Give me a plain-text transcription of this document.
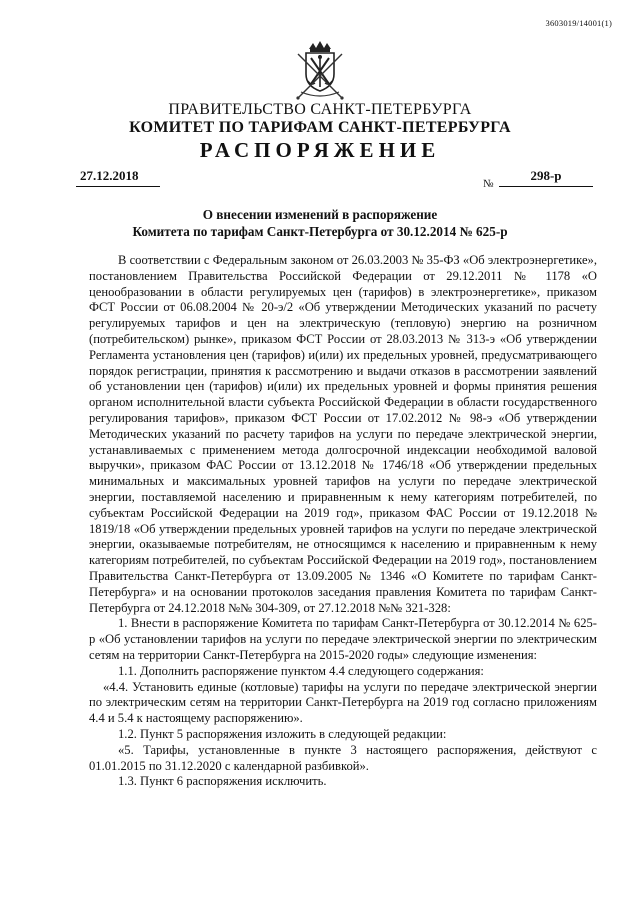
3603019/14001(1)
ПРАВИТЕЛЬСТВО САНКТ-ПЕТЕРБУРГА
КОМИТЕТ ПО ТАРИФАМ САНКТ-ПЕТЕРБУРГА
РАСПОРЯЖЕНИЕ
27.12.2018
№
298-р
О внесении изменений в распоряжение
Комитета по тарифам Санкт-Петербурга от 30.12.2014 № 625-р

В соответствии с Федеральным законом от 26.03.2003 № 35-ФЗ «Об электроэнергетике», постановлением Правительства Российской Федерации от 29.12.2011 № 1178 «О ценообразовании в области регулируемых цен (тарифов) в электроэнергетике», приказом ФСТ России от 06.08.2004 № 20-э/2 «Об утверждении Методических указаний по расчету регулируемых тарифов и цен на электрическую (тепловую) энергию на розничном (потребительском) рынке», приказом ФСТ России от 28.03.2013 № 313-э «Об утверждении Регламента установления цен (тарифов) и(или) их предельных уровней, предусматривающего порядок регистрации, принятия к рассмотрению и выдачи отказов в рассмотрении заявлений об установлении цен (тарифов) и(или) их предельных уровней и формы принятия решения органом исполнительной власти субъекта Российской Федерации в области государственного регулирования тарифов», приказом ФСТ России от 17.02.2012 № 98-э «Об утверждении Методических указаний по расчету тарифов на услуги по передаче электрической энергии, устанавливаемых с применением метода долгосрочной индексации необходимой валовой выручки», приказом ФАС России от 13.12.2018 № 1746/18 «Об утверждении предельных минимальных и максимальных уровней тарифов на услуги по передаче электрической энергии, поставляемой населению и приравненным к нему категориям потребителей, по субъектам Российской Федерации на 2019 год», приказом ФАС России от 19.12.2018 № 1819/18 «Об утверждении предельных уровней тарифов на услуги по передаче электрической энергии, оказываемые потребителям, не относящимся к населению и приравненным к нему категориям потребителей, по субъектам Российской Федерации на 2019 год», постановлением Правительства Санкт-Петербурга от 13.09.2005 № 1346 «О Комитете по тарифам Санкт-Петербурга» и на основании протоколов заседания правления Комитета по тарифам Санкт-Петербурга от 24.12.2018 №№ 304-309, от 27.12.2018 №№ 321-328:

1. Внести в распоряжение Комитета по тарифам Санкт-Петербурга от 30.12.2014 № 625-р «Об установлении тарифов на услуги по передаче электрической энергии по электрическим сетям на территории Санкт-Петербурга на 2015-2020 годы» следующие изменения:

1.1. Дополнить распоряжение пунктом 4.4 следующего содержания:

«4.4. Установить единые (котловые) тарифы на услуги по передаче электрической энергии по электрическим сетям на территории Санкт-Петербурга на 2019 год согласно приложениям 4.4 и 5.4 к настоящему распоряжению».

1.2. Пункт 5 распоряжения изложить в следующей редакции:

«5. Тарифы, установленные в пункте 3 настоящего распоряжения, действуют с 01.01.2015 по 31.12.2020 с календарной разбивкой».

1.3. Пункт 6 распоряжения исключить.
